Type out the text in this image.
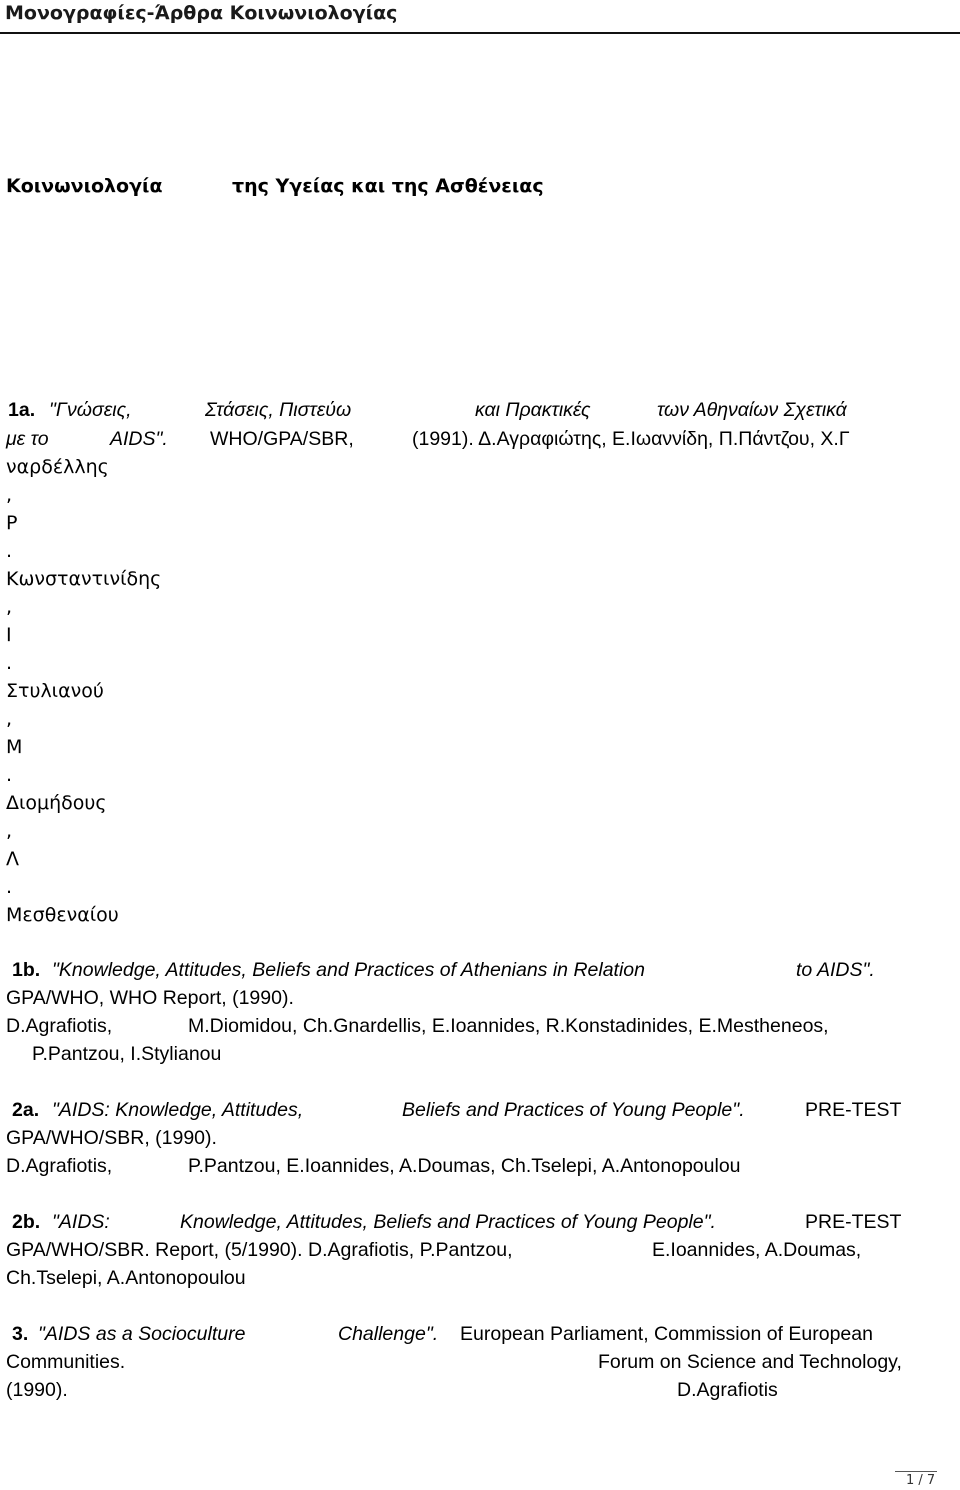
Μονογραφίες-Άρθρα Κοινωνιολογίας
Κοινωνιολογία	της Υγείας και της Ασθένειας
1a. "Γνώσεις,	Στάσεις, Πιστεύω	και Πρακτικές	των Αθηναίων Σχετικά
με το	AIDS". WHO/GPA/SBR,	(1991). Δ.Αγραφιώτης, Ε.Ιωαννίδη, Π.Πάντζου, Χ.Γ
ναρδέλλης
,
Ρ
.
Κωνσταντινίδης
,
Ι
.
Στυλιανού
,
Μ
.
Διομήδους
,
Λ
.
Μεσθεναίου
1b. "Knowledge, Attitudes, Beliefs and Practices of Athenians in Relation	to AIDS".
GPA/WHO, WHO Report, (1990).
D.Agrafiotis,	M.Diomidou, Ch.Gnardellis, E.Ioannides, R.Konstadinides, E.Mestheneos,
P.Pantzou, I.Stylianou
2a. "AIDS: Knowledge, Attitudes,	Beliefs and Practices of Young People".	PRE-TEST
GPA/WHO/SBR, (1990).
D.Agrafiotis,	P.Pantzou, E.Ioannides, A.Doumas, Ch.Tselepi, A.Antonopoulou
2b. "AIDS:	Knowledge, Attitudes, Beliefs and Practices of Young People".	PRE-TEST
GPA/WHO/SBR. Report, (5/1990). D.Agrafiotis, P.Pantzou,	E.Ioannides, A.Doumas,
Ch.Tselepi, A.Antonopoulou
3. "AIDS as a Socioculture	Challenge". European Parliament, Commission of European
Communities.	Forum on Science and Technology,
(1990).	D.Agrafiotis
1 / 7
